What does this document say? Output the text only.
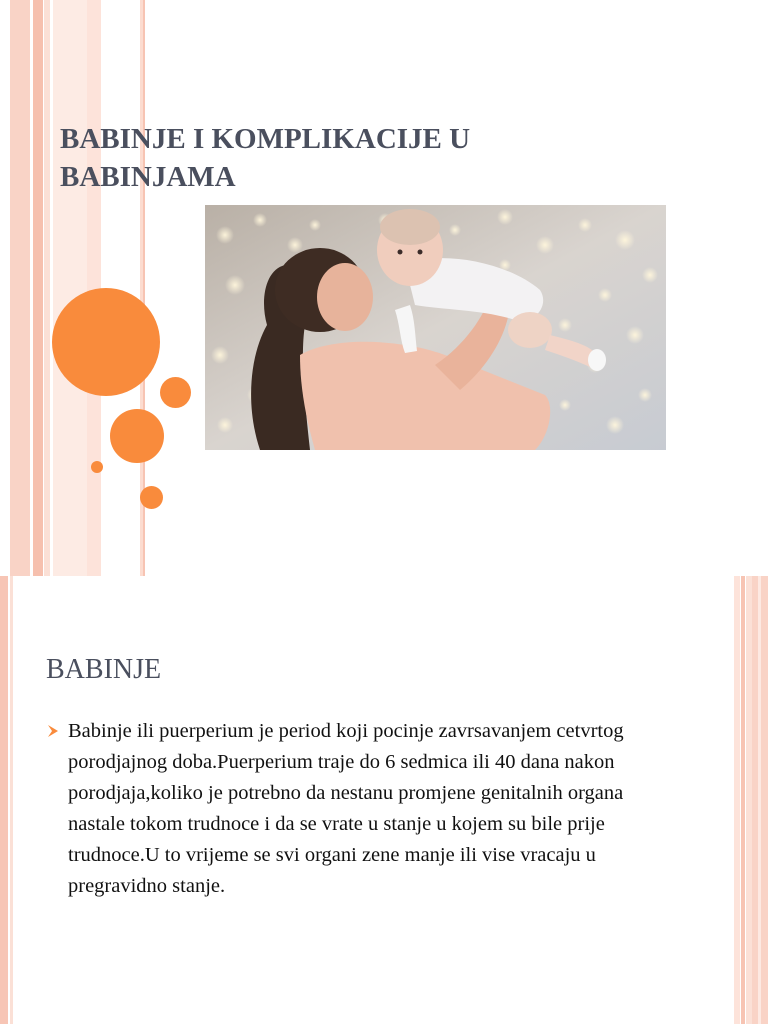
BABINJE I KOMPLIKACIJE U BABINJAMA
BABINJE

Babinje ili puerperium je period koji pocinje zavrsavanjem cetvrtog porodjajnog doba.Puerperium traje do 6 sedmica ili 40 dana nakon porodjaja,koliko je potrebno da nestanu promjene genitalnih organa nastale tokom trudnoce i da se vrate u stanje u kojem su bile prije trudnoce.U to vrijeme se svi organi zene manje ili vise vracaju u pregravidno stanje.
